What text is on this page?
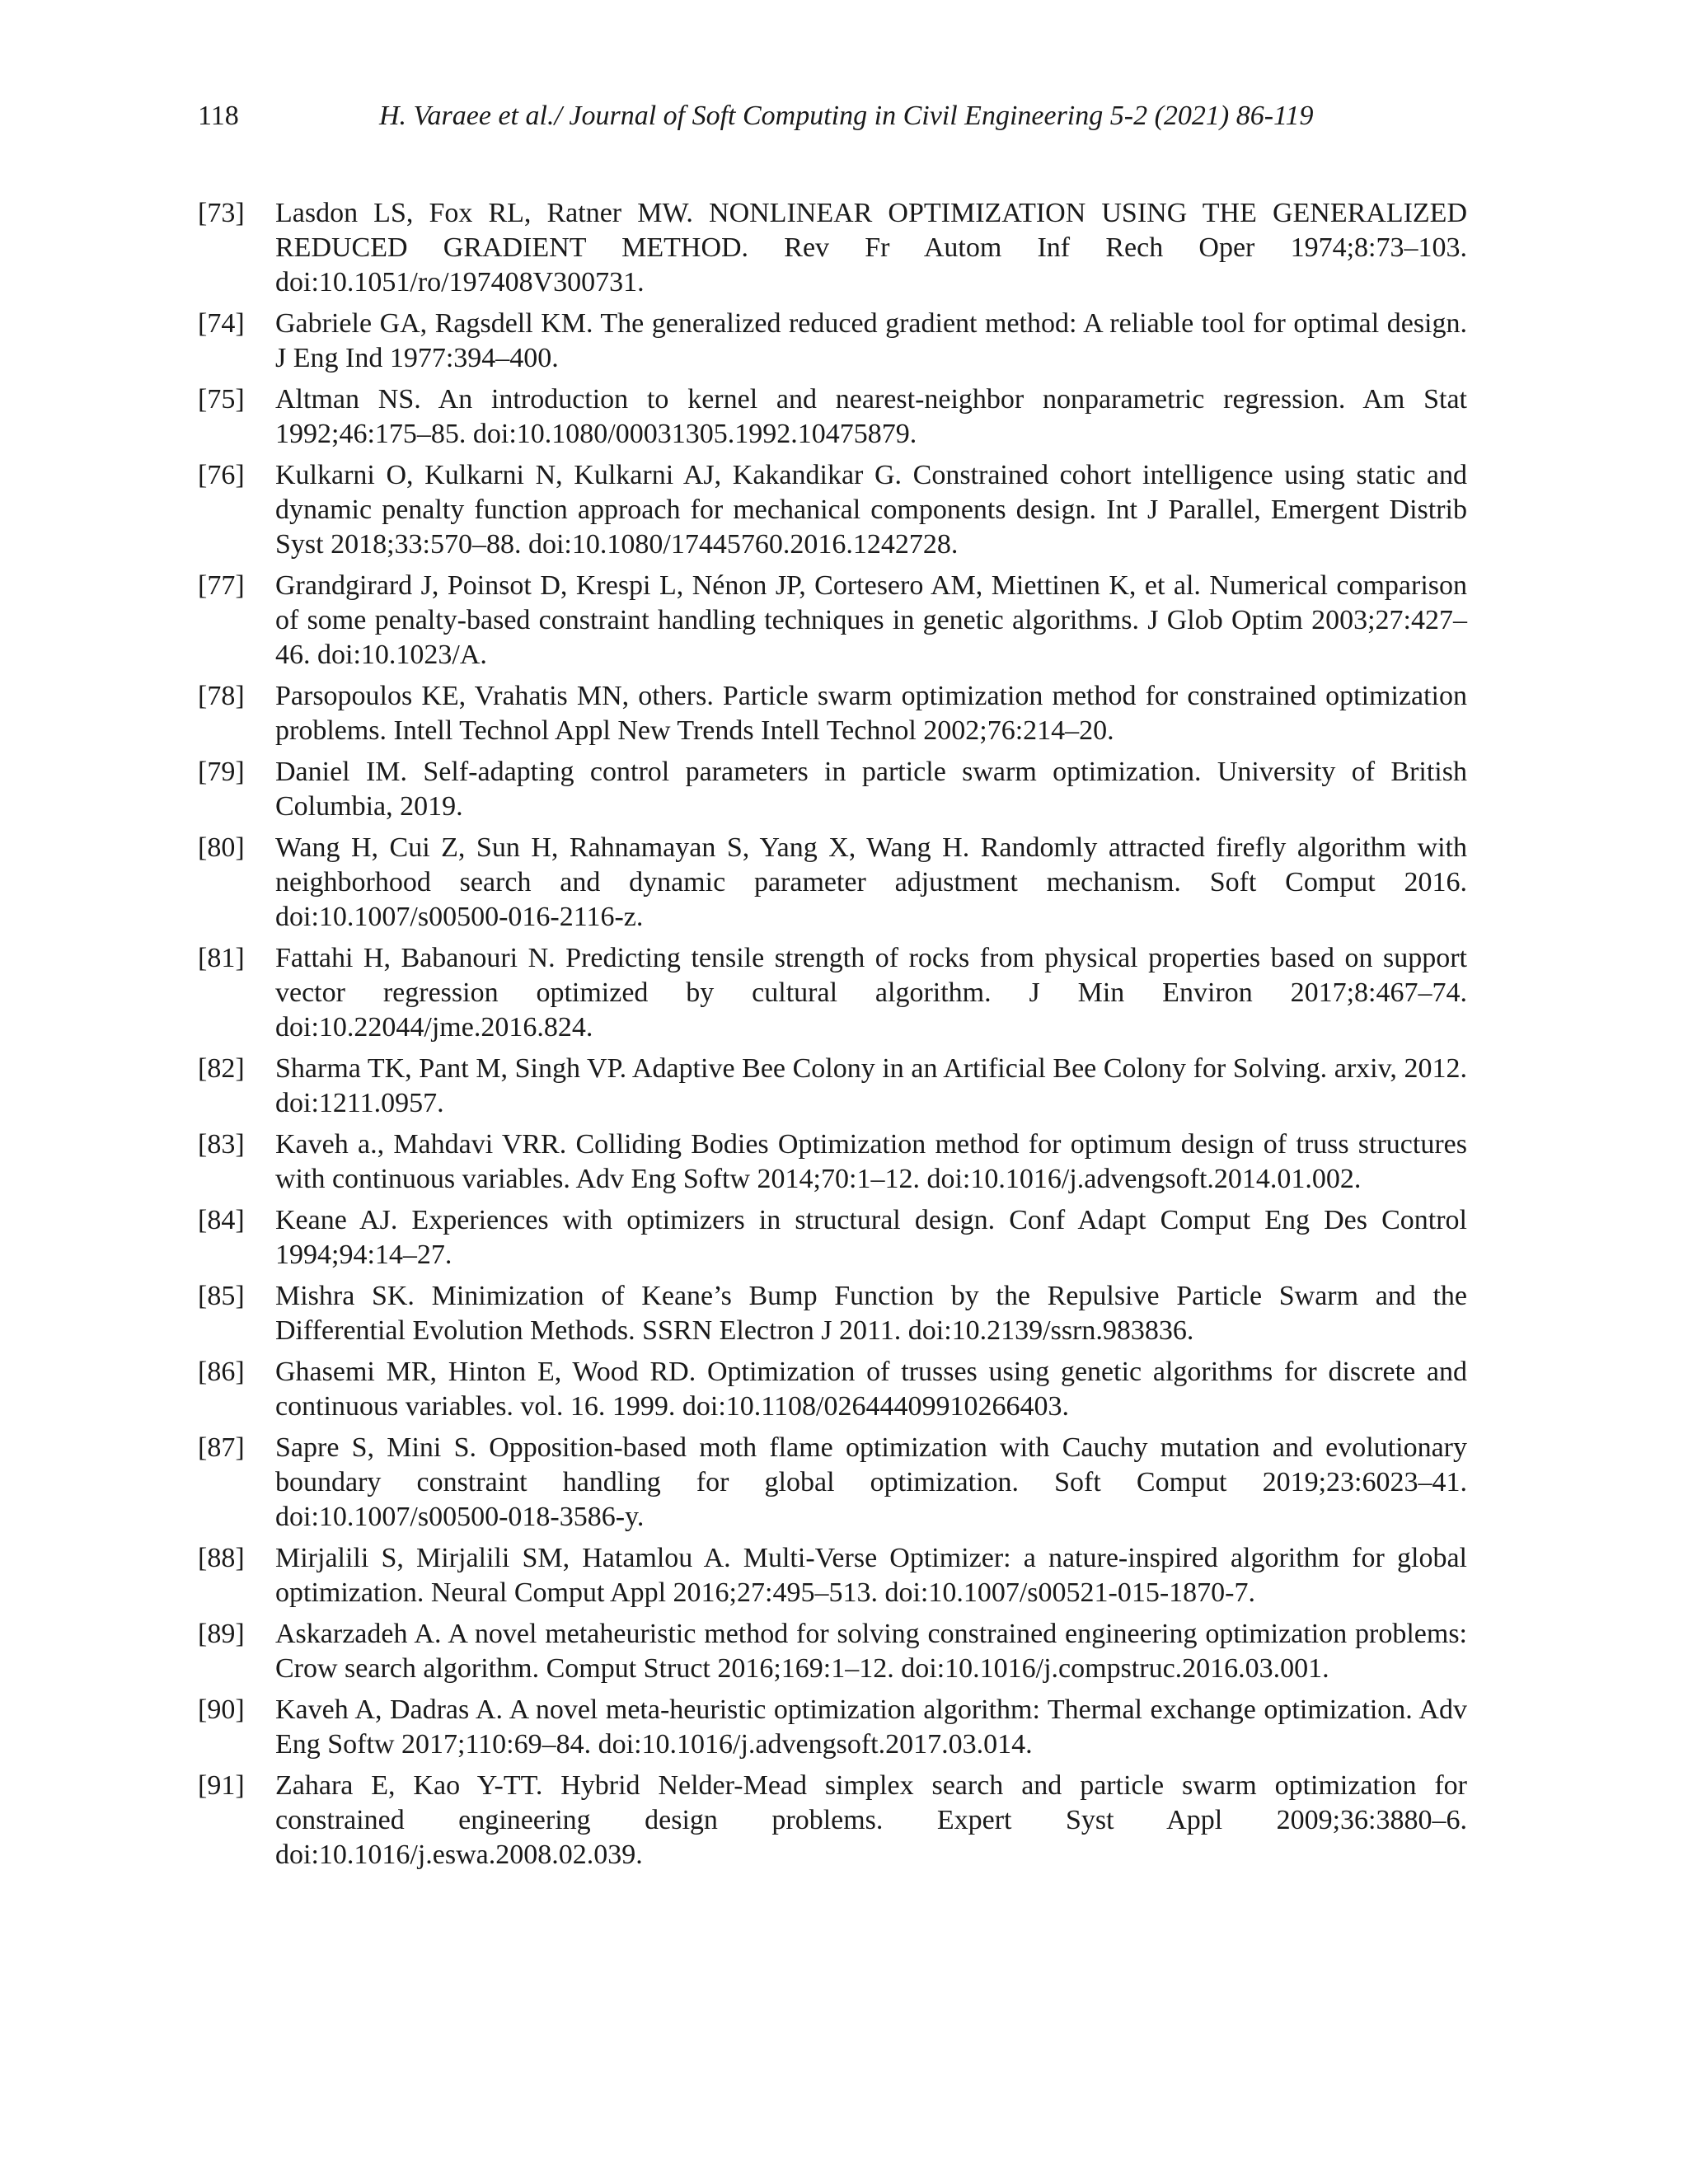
118	H. Varaee et al./ Journal of Soft Computing in Civil Engineering 5-2 (2021) 86-119
[73] Lasdon LS, Fox RL, Ratner MW. NONLINEAR OPTIMIZATION USING THE GENERALIZED REDUCED GRADIENT METHOD. Rev Fr Autom Inf Rech Oper 1974;8:73–103. doi:10.1051/ro/197408V300731.
[74] Gabriele GA, Ragsdell KM. The generalized reduced gradient method: A reliable tool for optimal design. J Eng Ind 1977:394–400.
[75] Altman NS. An introduction to kernel and nearest-neighbor nonparametric regression. Am Stat 1992;46:175–85. doi:10.1080/00031305.1992.10475879.
[76] Kulkarni O, Kulkarni N, Kulkarni AJ, Kakandikar G. Constrained cohort intelligence using static and dynamic penalty function approach for mechanical components design. Int J Parallel, Emergent Distrib Syst 2018;33:570–88. doi:10.1080/17445760.2016.1242728.
[77] Grandgirard J, Poinsot D, Krespi L, Nénon JP, Cortesero AM, Miettinen K, et al. Numerical comparison of some penalty-based constraint handling techniques in genetic algorithms. J Glob Optim 2003;27:427–46. doi:10.1023/A.
[78] Parsopoulos KE, Vrahatis MN, others. Particle swarm optimization method for constrained optimization problems. Intell Technol Appl New Trends Intell Technol 2002;76:214–20.
[79] Daniel IM. Self-adapting control parameters in particle swarm optimization. University of British Columbia, 2019.
[80] Wang H, Cui Z, Sun H, Rahnamayan S, Yang X, Wang H. Randomly attracted firefly algorithm with neighborhood search and dynamic parameter adjustment mechanism. Soft Comput 2016. doi:10.1007/s00500-016-2116-z.
[81] Fattahi H, Babanouri N. Predicting tensile strength of rocks from physical properties based on support vector regression optimized by cultural algorithm. J Min Environ 2017;8:467–74. doi:10.22044/jme.2016.824.
[82] Sharma TK, Pant M, Singh VP. Adaptive Bee Colony in an Artificial Bee Colony for Solving. arxiv, 2012. doi:1211.0957.
[83] Kaveh a., Mahdavi VRR. Colliding Bodies Optimization method for optimum design of truss structures with continuous variables. Adv Eng Softw 2014;70:1–12. doi:10.1016/j.advengsoft.2014.01.002.
[84] Keane AJ. Experiences with optimizers in structural design. Conf Adapt Comput Eng Des Control 1994;94:14–27.
[85] Mishra SK. Minimization of Keane’s Bump Function by the Repulsive Particle Swarm and the Differential Evolution Methods. SSRN Electron J 2011. doi:10.2139/ssrn.983836.
[86] Ghasemi MR, Hinton E, Wood RD. Optimization of trusses using genetic algorithms for discrete and continuous variables. vol. 16. 1999. doi:10.1108/02644409910266403.
[87] Sapre S, Mini S. Opposition-based moth flame optimization with Cauchy mutation and evolutionary boundary constraint handling for global optimization. Soft Comput 2019;23:6023–41. doi:10.1007/s00500-018-3586-y.
[88] Mirjalili S, Mirjalili SM, Hatamlou A. Multi-Verse Optimizer: a nature-inspired algorithm for global optimization. Neural Comput Appl 2016;27:495–513. doi:10.1007/s00521-015-1870-7.
[89] Askarzadeh A. A novel metaheuristic method for solving constrained engineering optimization problems: Crow search algorithm. Comput Struct 2016;169:1–12. doi:10.1016/j.compstruc.2016.03.001.
[90] Kaveh A, Dadras A. A novel meta-heuristic optimization algorithm: Thermal exchange optimization. Adv Eng Softw 2017;110:69–84. doi:10.1016/j.advengsoft.2017.03.014.
[91] Zahara E, Kao Y-TT. Hybrid Nelder-Mead simplex search and particle swarm optimization for constrained engineering design problems. Expert Syst Appl 2009;36:3880–6. doi:10.1016/j.eswa.2008.02.039.
